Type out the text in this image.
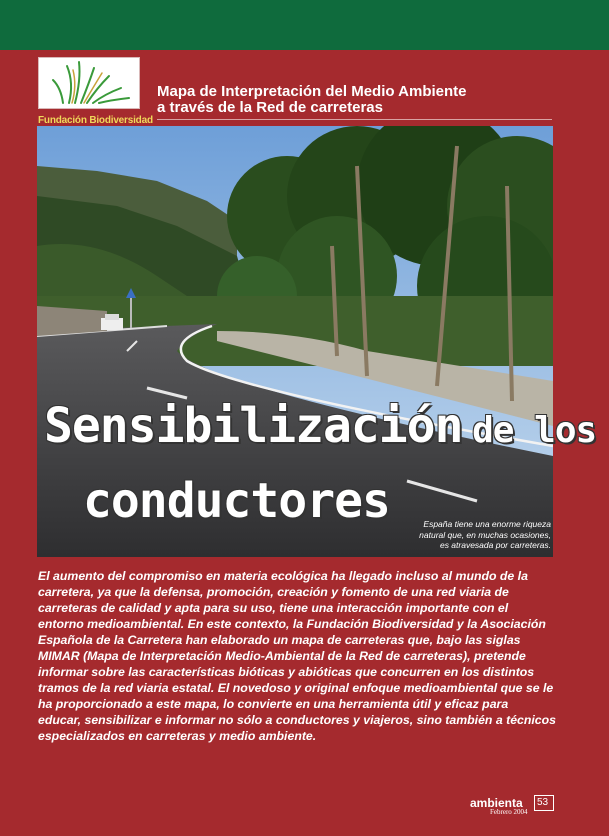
Fundación Biodiversidad
Mapa de Interpretación del Medio Ambiente
a través de la Red de carreteras
Sensibilización de los
conductores	España tiene una enorme riqueza
natural que, en muchas ocasiones,
es atravesada por carreteras.
El aumento del compromiso en materia ecológica ha llegado incluso al mundo de la
carretera, ya que la defensa, promoción, creación y fomento de una red viaria de
carreteras de calidad y apta para su uso, tiene una interacción importante con el
entorno medioambiental. En este contexto, la Fundación Biodiversidad y la Asociación
Española de la Carretera han elaborado un mapa de carreteras que, bajo las siglas
MIMAR (Mapa de Interpretación Medio-Ambiental de la Red de carreteras), pretende
informar sobre las características bióticas y abióticas que concurren en los distintos
tramos de la red viaria estatal. El novedoso y original enfoque medioambiental que se le
ha proporcionado a este mapa, lo convierte en una herramienta útil y eficaz para
educar, sensibilizar e informar no sólo a conductores y viajeros, sino también a técnicos
especializados en carreteras y medio ambiente.
ambienta
Febrero 2004
53
